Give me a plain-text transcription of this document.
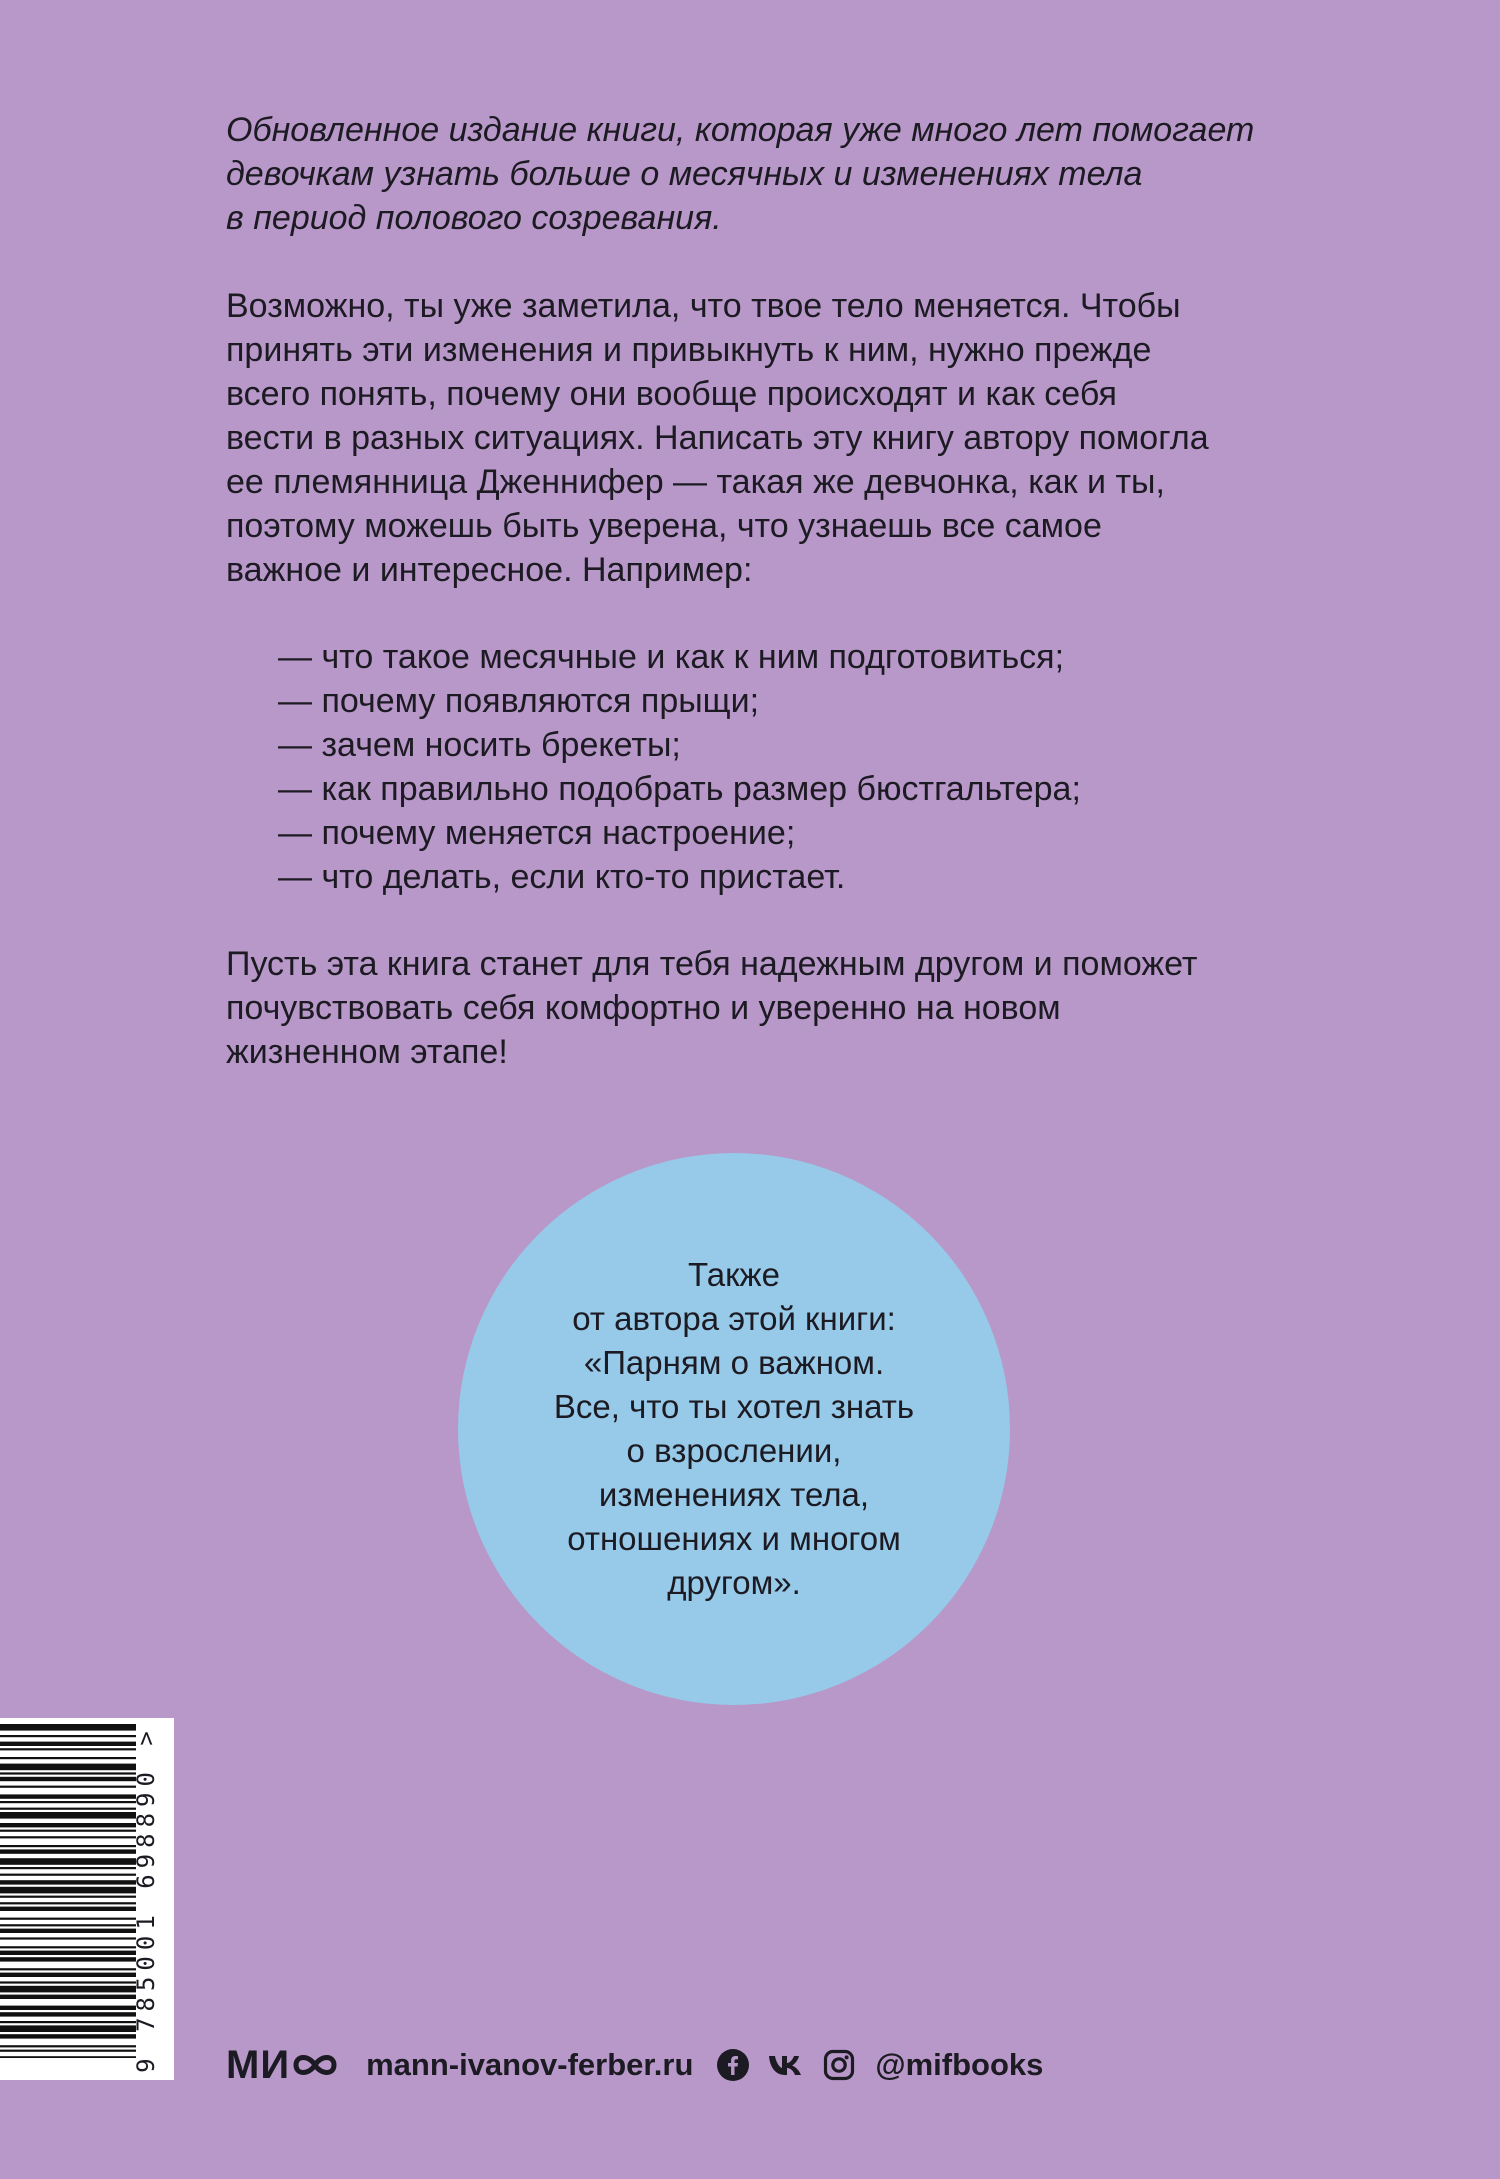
Обновленное издание книги, которая уже много лет помогает
девочкам узнать больше о месячных и изменениях тела
в период полового созревания.

Возможно, ты уже заметила, что твое тело меняется. Чтобы
принять эти изменения и привыкнуть к ним, нужно прежде
всего понять, почему они вообще происходят и как себя
вести в разных ситуациях. Написать эту книгу автору помогла
ее племянница Дженнифер — такая же девчонка, как и ты,
поэтому можешь быть уверена, что узнаешь все самое
важное и интересное. Например:

— что такое месячные и как к ним подготовиться;
— почему появляются прыщи;
— зачем носить брекеты;
— как правильно подобрать размер бюстгальтера;
— почему меняется настроение;
— что делать, если кто-то пристает.

Пусть эта книга станет для тебя надежным другом и поможет
почувствовать себя комфортно и уверенно на новом
жизненном этапе!

Также
от автора этой книги:
«Парням о важном.
Все, что ты хотел знать
о взрослении,
изменениях тела,
отношениях и многом
другом».
9 785001 698890 > МИ mann-ivanov-ferber.ru	@mifbooks
